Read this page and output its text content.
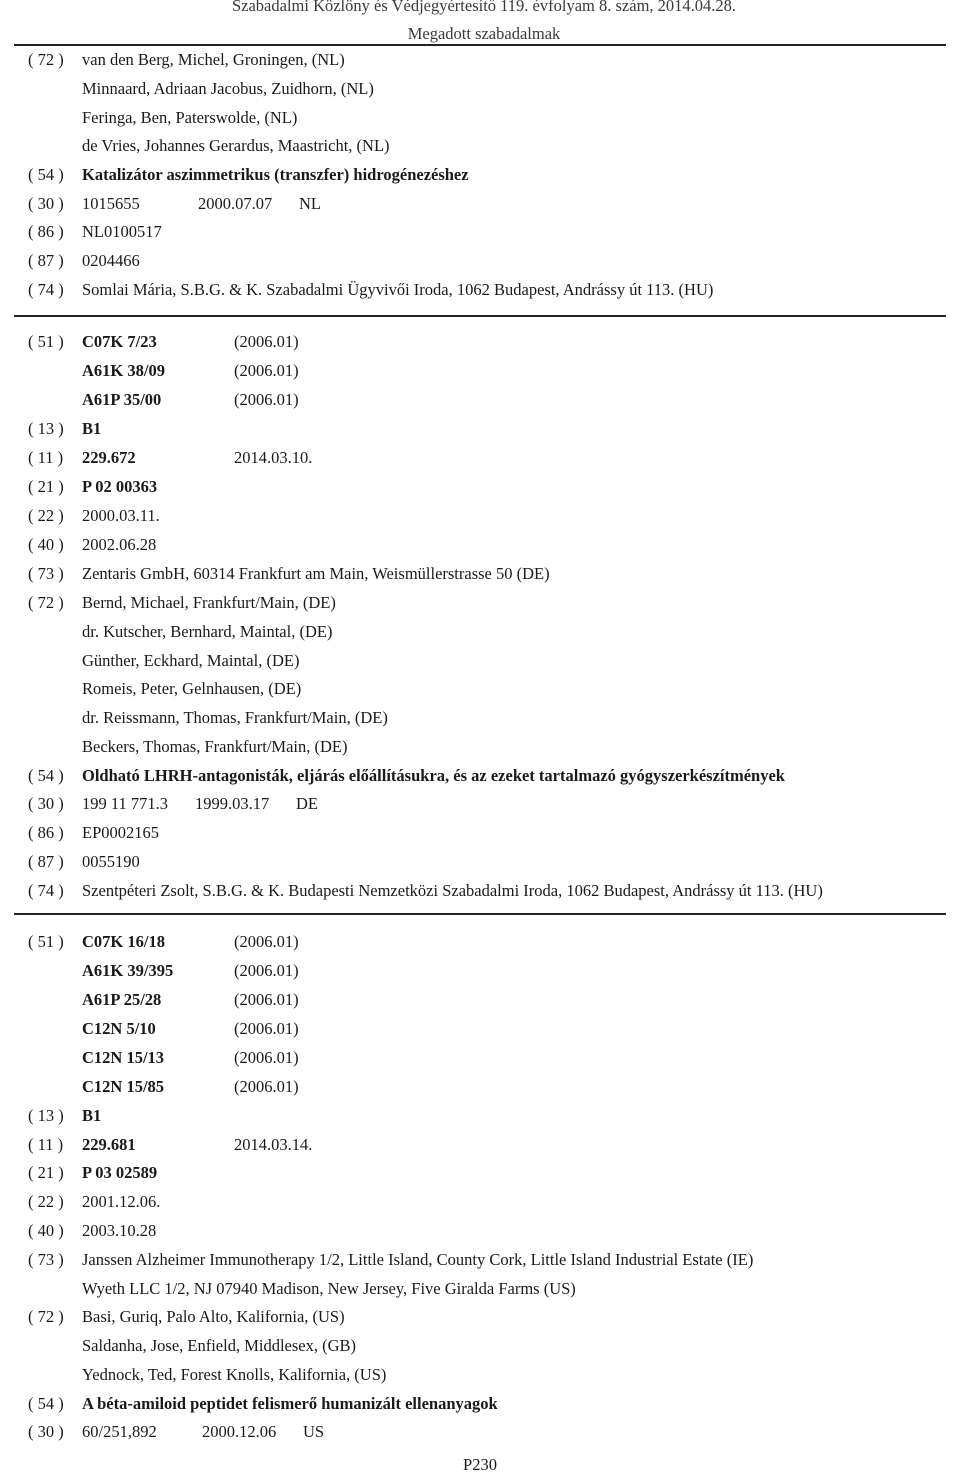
Szabadalmi Közlöny és Védjegyértesítő 119. évfolyam 8. szám, 2014.04.28.
Megadott szabadalmak
( 72 )	van den Berg, Michel, Groningen, (NL)
Minnaard, Adriaan Jacobus, Zuidhorn, (NL)
Feringa, Ben, Paterswolde, (NL)
de Vries, Johannes Gerardus, Maastricht, (NL)
( 54 )	Katalizátor aszimmetrikus (transzfer) hidrogénezéshez
( 30 )	1015655	2000.07.07 NL
( 86 )	NL0100517
( 87 )	0204466
( 74 )	Somlai Mária, S.B.G. & K. Szabadalmi Ügyvivői Iroda, 1062 Budapest, Andrássy út 113. (HU)
( 51 )	C07K 7/23	(2006.01)
A61K 38/09	(2006.01)
A61P 35/00	(2006.01)
( 13 )	B1
( 11 )	229.672	2014.03.10.
( 21 )	P 02 00363
( 22 )	2000.03.11.
( 40 )	2002.06.28
( 73 )	Zentaris GmbH, 60314 Frankfurt am Main, Weismüllerstrasse 50 (DE)
( 72 )	Bernd, Michael, Frankfurt/Main, (DE)
dr. Kutscher, Bernhard, Maintal, (DE)
Günther, Eckhard, Maintal, (DE)
Romeis, Peter, Gelnhausen, (DE)
dr. Reissmann, Thomas, Frankfurt/Main, (DE)
Beckers, Thomas, Frankfurt/Main, (DE)
( 54 )	Oldható LHRH-antagonisták, eljárás előállításukra, és az ezeket tartalmazó gyógyszerkészítmények
( 30 )	199 11 771.3 1999.03.17 DE
( 86 )	EP0002165
( 87 )	0055190
( 74 )	Szentpéteri Zsolt, S.B.G. & K. Budapesti Nemzetközi Szabadalmi Iroda, 1062 Budapest, Andrássy út 113. (HU)
( 51 )	C07K 16/18	(2006.01)
A61K 39/395	(2006.01)
A61P 25/28	(2006.01)
C12N 5/10	(2006.01)
C12N 15/13	(2006.01)
C12N 15/85	(2006.01)
( 13 )	B1
( 11 )	229.681	2014.03.14.
( 21 )	P 03 02589
( 22 )	2001.12.06.
( 40 )	2003.10.28
( 73 )	Janssen Alzheimer Immunotherapy 1/2, Little Island, County Cork, Little Island Industrial Estate (IE)
Wyeth LLC 1/2, NJ 07940 Madison, New Jersey, Five Giralda Farms (US)
( 72 )	Basi, Guriq, Palo Alto, Kalifornia, (US)
Saldanha, Jose, Enfield, Middlesex, (GB)
Yednock, Ted, Forest Knolls, Kalifornia, (US)
( 54 )	A béta-amiloid peptidet felismerő humanizált ellenanyagok
( 30 )	60/251,892	2000.12.06 US
P230
